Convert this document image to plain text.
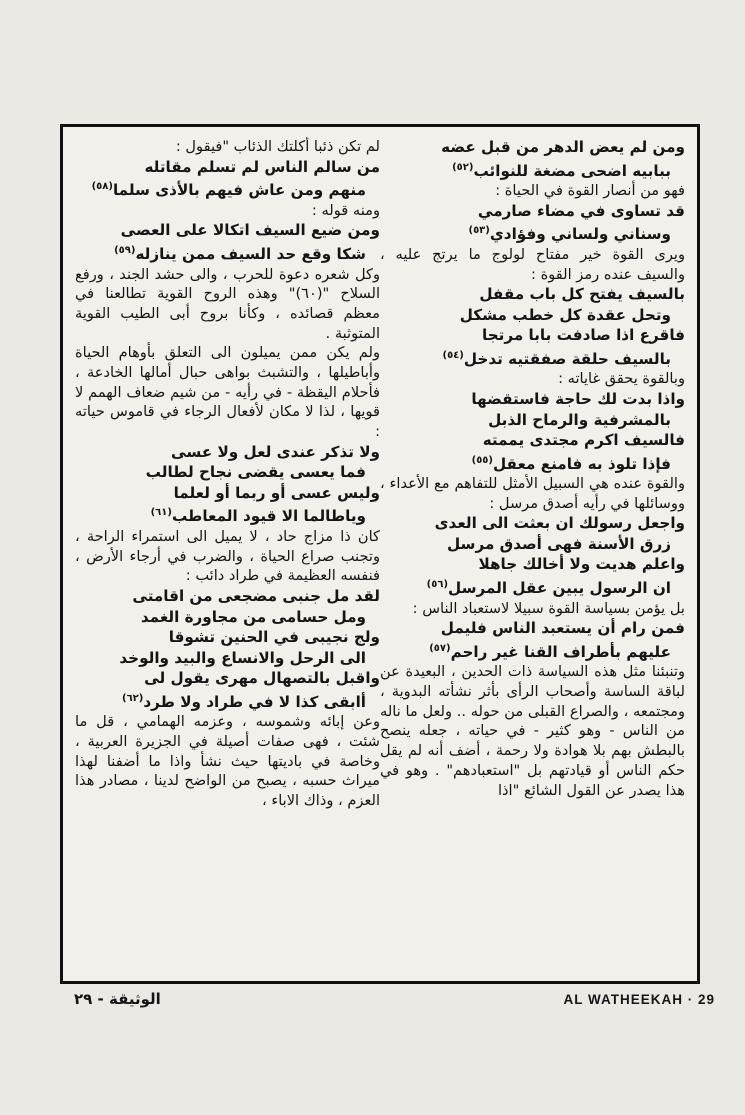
ومن لم يعض الدهر من قبل عضه

ببابيه اضحى مضغة للنوائب$^{(٥٢)}$

فهو من أنصار القوة في الحياة :

قد تساوى في مضاء صارمي

وسناني ولساني وفؤادي$^{(٥٣)}$

ويرى القوة خير مفتاح لولوج ما يرتج عليه ، والسيف عنده رمز القوة :

بالسيف يفتح كل باب مقفل

وتحل عقدة كل خطب مشكل

فاقرع اذا صادفت بابا مرتجا

بالسيف حلقة صفقتيه تدخل$^{(٥٤)}$

وبالقوة يحقق غاياته :

واذا بدت لك حاجة فاستقضها

بالمشرفية والرماح الذبل

فالسيف اكرم مجتدى يممته

فإذا تلوذ به فامنع معقل$^{(٥٥)}$

والقوة عنده هي السبيل الأمثل للتفاهم مع الأعداء ، ووسائلها في رأيه أصدق مرسل :

واجعل رسولك ان بعثت الى العدى

زرق الأسنة فهى أصدق مرسل

واعلم هديت ولا أخالك جاهلا

ان الرسول يبين عقل المرسل$^{(٥٦)}$

بل يؤمن بسياسة القوة سبيلا لاستعباد الناس :

فمن رام أن يستعبد الناس فليمل

عليهم بأطراف القنا غير راحم$^{(٥٧)}$

وتنبئنا مثل هذه السياسة ذات الحدين ، البعيدة عن لباقة الساسة وأصحاب الرأى بأثر نشأته البدوية ، ومجتمعه ، والصراع القبلى من حوله .. ولعل ما ناله من الناس - وهو كثير - في حياته ، جعله ينصح بالبطش بهم بلا هوادة ولا رحمة ، أضف أنه لم يقل حكم الناس أو قيادتهم بل "استعبادهم" . وهو في هذا يصدر عن القول الشائع "اذا

لم تكن ذئبا أكلتك الذئاب "فيقول :

من سالم الناس لم تسلم مقاتله

منهم ومن عاش فيهم بالأذى سلما$^{(٥٨)}$

ومنه قوله :

ومن ضيع السيف اتكالا على العصى

شكا وقع حد السيف ممن ينازله$^{(٥٩)}$

وكل شعره دعوة للحرب ، والى حشد الجند ، ورفع السلاح "(٦٠)" وهذه الروح القوية تطالعنا في معظم قصائده ، وكأنا بروح أبى الطيب القوية المتوثبة .

ولم يكن ممن يميلون الى التعلق بأوهام الحياة وأباطيلها ، والتشبث بواهى حبال أمالها الخادعة ، فأحلام اليقظة - في رأيه - من شيم ضعاف الهمم لا قويها ، لذا لا مكان لأفعال الرجاء في قاموس حياته :

ولا تذكر عندى لعل ولا عسى

فما يعسى يقضى نجاح لطالب

وليس عسى أو ربما أو لعلما

وياطالما الا قيود المعاطب$^{(٦١)}$

كان ذا مزاج حاد ، لا يميل الى استمراء الراحة ، وتجنب صراع الحياة ، والضرب في أرجاء الأرض ، فنفسه العظيمة في طراد دائب :

لقد مل جنبى مضجعى من اقامتى

ومل حسامى من مجاورة الغمد

ولج نجيبى في الحنين تشوقا

الى الرحل والانساع والبيد والوخد

واقبل بالتصهال مهرى يقول لى

أابقى كذا لا في طراد ولا طرد$^{(٦٢)}$

وعن إبائه وشموسه ، وعزمه الهمامي ، قل ما شئت ، فهى صفات أصيلة في الجزيرة العربية ، وخاصة في باديتها حيث نشأ واذا ما أضفنا لهذا ميراث حسبه ، يصبح من الواضح لدينا ، مصادر هذا العزم ، وذاك الاباء ،

الوثيقة - ٢٩	AL WATHEEKAH · 29
